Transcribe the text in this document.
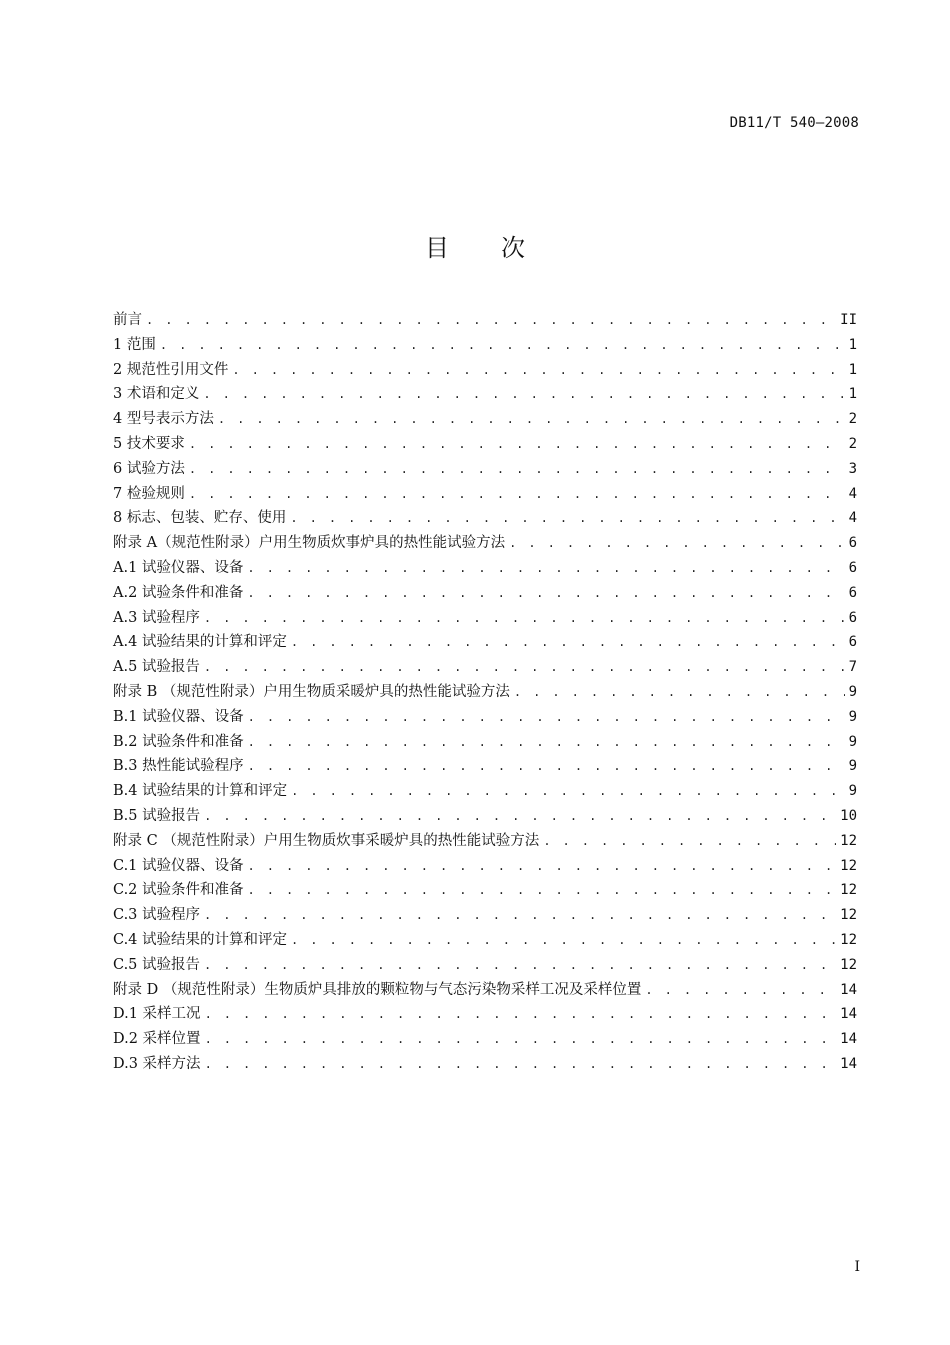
DB11/T 540—2008
目 次
前言 . . .	II
1 范围 . . .	1
2 规范性引用文件 . . .	1
3 术语和定义 . . .	1
4 型号表示方法 . . .	2
5 技术要求 . . .	2
6 试验方法 . . .	3
7 检验规则 . . .	4
8 标志、包装、贮存、使用 . . .	4
附录 A（规范性附录）户用生物质炊事炉具的热性能试验方法 . . .	6
A.1 试验仪器、设备 . . .	6
A.2 试验条件和准备 . . .	6
A.3 试验程序 . . .	6
A.4 试验结果的计算和评定 . . .	6
A.5 试验报告 . . .	7
附录 B （规范性附录）户用生物质采暖炉具的热性能试验方法 . . .	9
B.1 试验仪器、设备 . . .	9
B.2 试验条件和准备 . . .	9
B.3 热性能试验程序 . . .	9
B.4 试验结果的计算和评定 . . .	9
B.5 试验报告 . . .	10
附录 C （规范性附录）户用生物质炊事采暖炉具的热性能试验方法 . . .	12
C.1 试验仪器、设备 . . .	12
C.2 试验条件和准备 . . .	12
C.3 试验程序 . . .	12
C.4 试验结果的计算和评定 . . .	12
C.5 试验报告 . . .	12
附录 D （规范性附录）生物质炉具排放的颗粒物与气态污染物采样工况及采样位置 . . .	14
D.1 采样工况 . . .	14
D.2 采样位置 . . .	14
D.3 采样方法 . . .	14
I
